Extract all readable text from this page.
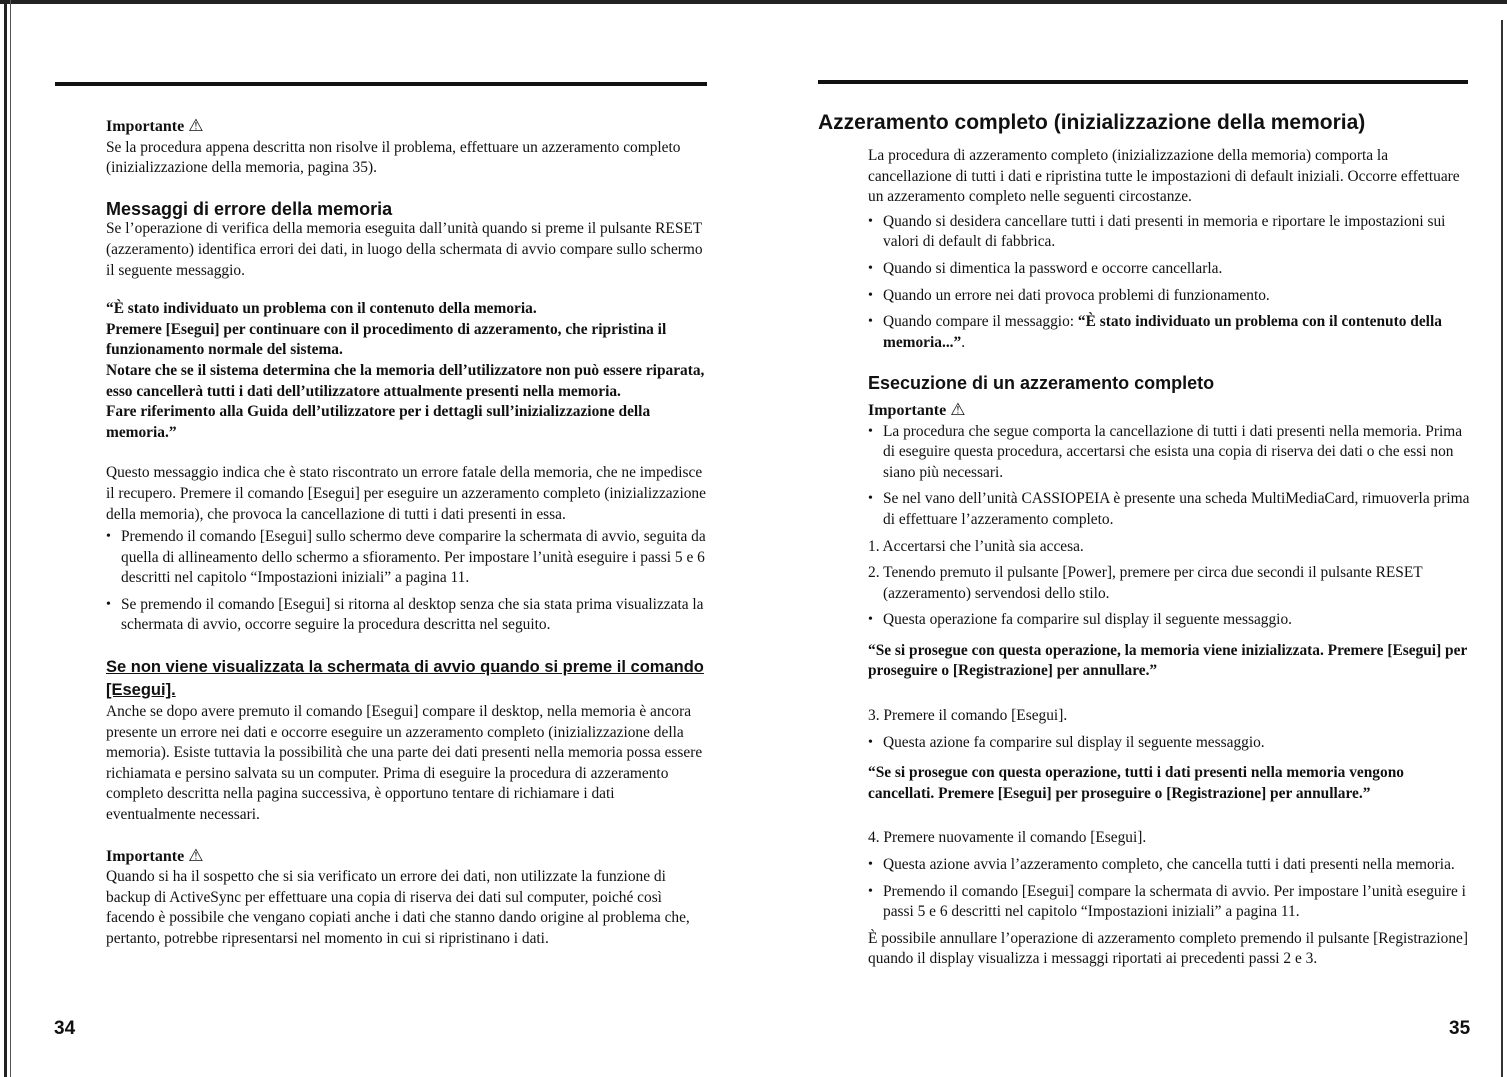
Importante ⚠

Se la procedura appena descritta non risolve il problema, effettuare un azzeramento completo (inizializzazione della memoria, pagina 35).

Messaggi di errore della memoria

Se l’operazione di verifica della memoria eseguita dall’unità quando si preme il pulsante RESET (azzeramento) identifica errori dei dati, in luogo della schermata di avvio compare sullo schermo il seguente messaggio.

“È stato individuato un problema con il contenuto della memoria.
Premere [Esegui] per continuare con il procedimento di azzeramento, che ripristina il funzionamento normale del sistema.
Notare che se il sistema determina che la memoria dell’utilizzatore non può essere riparata, esso cancellerà tutti i dati dell’utilizzatore attualmente presenti nella memoria.
Fare riferimento alla Guida dell’utilizzatore per i dettagli sull’inizializzazione della memoria.”

Questo messaggio indica che è stato riscontrato un errore fatale della memoria, che ne impedisce il recupero. Premere il comando [Esegui] per eseguire un azzeramento completo (inizializzazione della memoria), che provoca la cancellazione di tutti i dati presenti in essa.

• Premendo il comando [Esegui] sullo schermo deve comparire la schermata di avvio, seguita da quella di allineamento dello schermo a sfioramento. Per impostare l’unità eseguire i passi 5 e 6 descritti nel capitolo “Impostazioni iniziali” a pagina 11.
• Se premendo il comando [Esegui] si ritorna al desktop senza che sia stata prima visualizzata la schermata di avvio, occorre seguire la procedura descritta nel seguito.

Se non viene visualizzata la schermata di avvio quando si preme il comando [Esegui].

Anche se dopo avere premuto il comando [Esegui] compare il desktop, nella memoria è ancora presente un errore nei dati e occorre eseguire un azzeramento completo (inizializzazione della memoria). Esiste tuttavia la possibilità che una parte dei dati presenti nella memoria possa essere richiamata e persino salvata su un computer. Prima di eseguire la procedura di azzeramento completo descritta nella pagina successiva, è opportuno tentare di richiamare i dati eventualmente necessari.

Importante ⚠

Quando si ha il sospetto che si sia verificato un errore dei dati, non utilizzate la funzione di backup di ActiveSync per effettuare una copia di riserva dei dati sul computer, poiché così facendo è possibile che vengano copiati anche i dati che stanno dando origine al problema che, pertanto, potrebbe ripresentarsi nel momento in cui si ripristinano i dati.

34
Azzeramento completo (inizializzazione della memoria)

La procedura di azzeramento completo (inizializzazione della memoria) comporta la cancellazione di tutti i dati e ripristina tutte le impostazioni di default iniziali. Occorre effettuare un azzeramento completo nelle seguenti circostanze.

• Quando si desidera cancellare tutti i dati presenti in memoria e riportare le impostazioni sui valori di default di fabbrica.
• Quando si dimentica la password e occorre cancellarla.
• Quando un errore nei dati provoca problemi di funzionamento.
• Quando compare il messaggio: “È stato individuato un problema con il contenuto della memoria...”.

Esecuzione di un azzeramento completo

Importante ⚠

• La procedura che segue comporta la cancellazione di tutti i dati presenti nella memoria. Prima di eseguire questa procedura, accertarsi che esista una copia di riserva dei dati o che essi non siano più necessari.
• Se nel vano dell’unità CASSIOPEIA è presente una scheda MultiMediaCard, rimuoverla prima di effettuare l’azzeramento completo.

1. Accertarsi che l’unità sia accesa.

2. Tenendo premuto il pulsante [Power], premere per circa due secondi il pulsante RESET (azzeramento) servendosi dello stilo.

• Questa operazione fa comparire sul display il seguente messaggio.

“Se si prosegue con questa operazione, la memoria viene inizializzata. Premere [Esegui] per proseguire o [Registrazione] per annullare.”

3. Premere il comando [Esegui].

• Questa azione fa comparire sul display il seguente messaggio.

“Se si prosegue con questa operazione, tutti i dati presenti nella memoria vengono cancellati. Premere [Esegui] per proseguire o [Registrazione] per annullare.”

4. Premere nuovamente il comando [Esegui].

• Questa azione avvia l’azzeramento completo, che cancella tutti i dati presenti nella memoria.
• Premendo il comando [Esegui] compare la schermata di avvio. Per impostare l’unità eseguire i passi 5 e 6 descritti nel capitolo “Impostazioni iniziali” a pagina 11.

È possibile annullare l’operazione di azzeramento completo premendo il pulsante [Registrazione] quando il display visualizza i messaggi riportati ai precedenti passi 2 e 3.

35
